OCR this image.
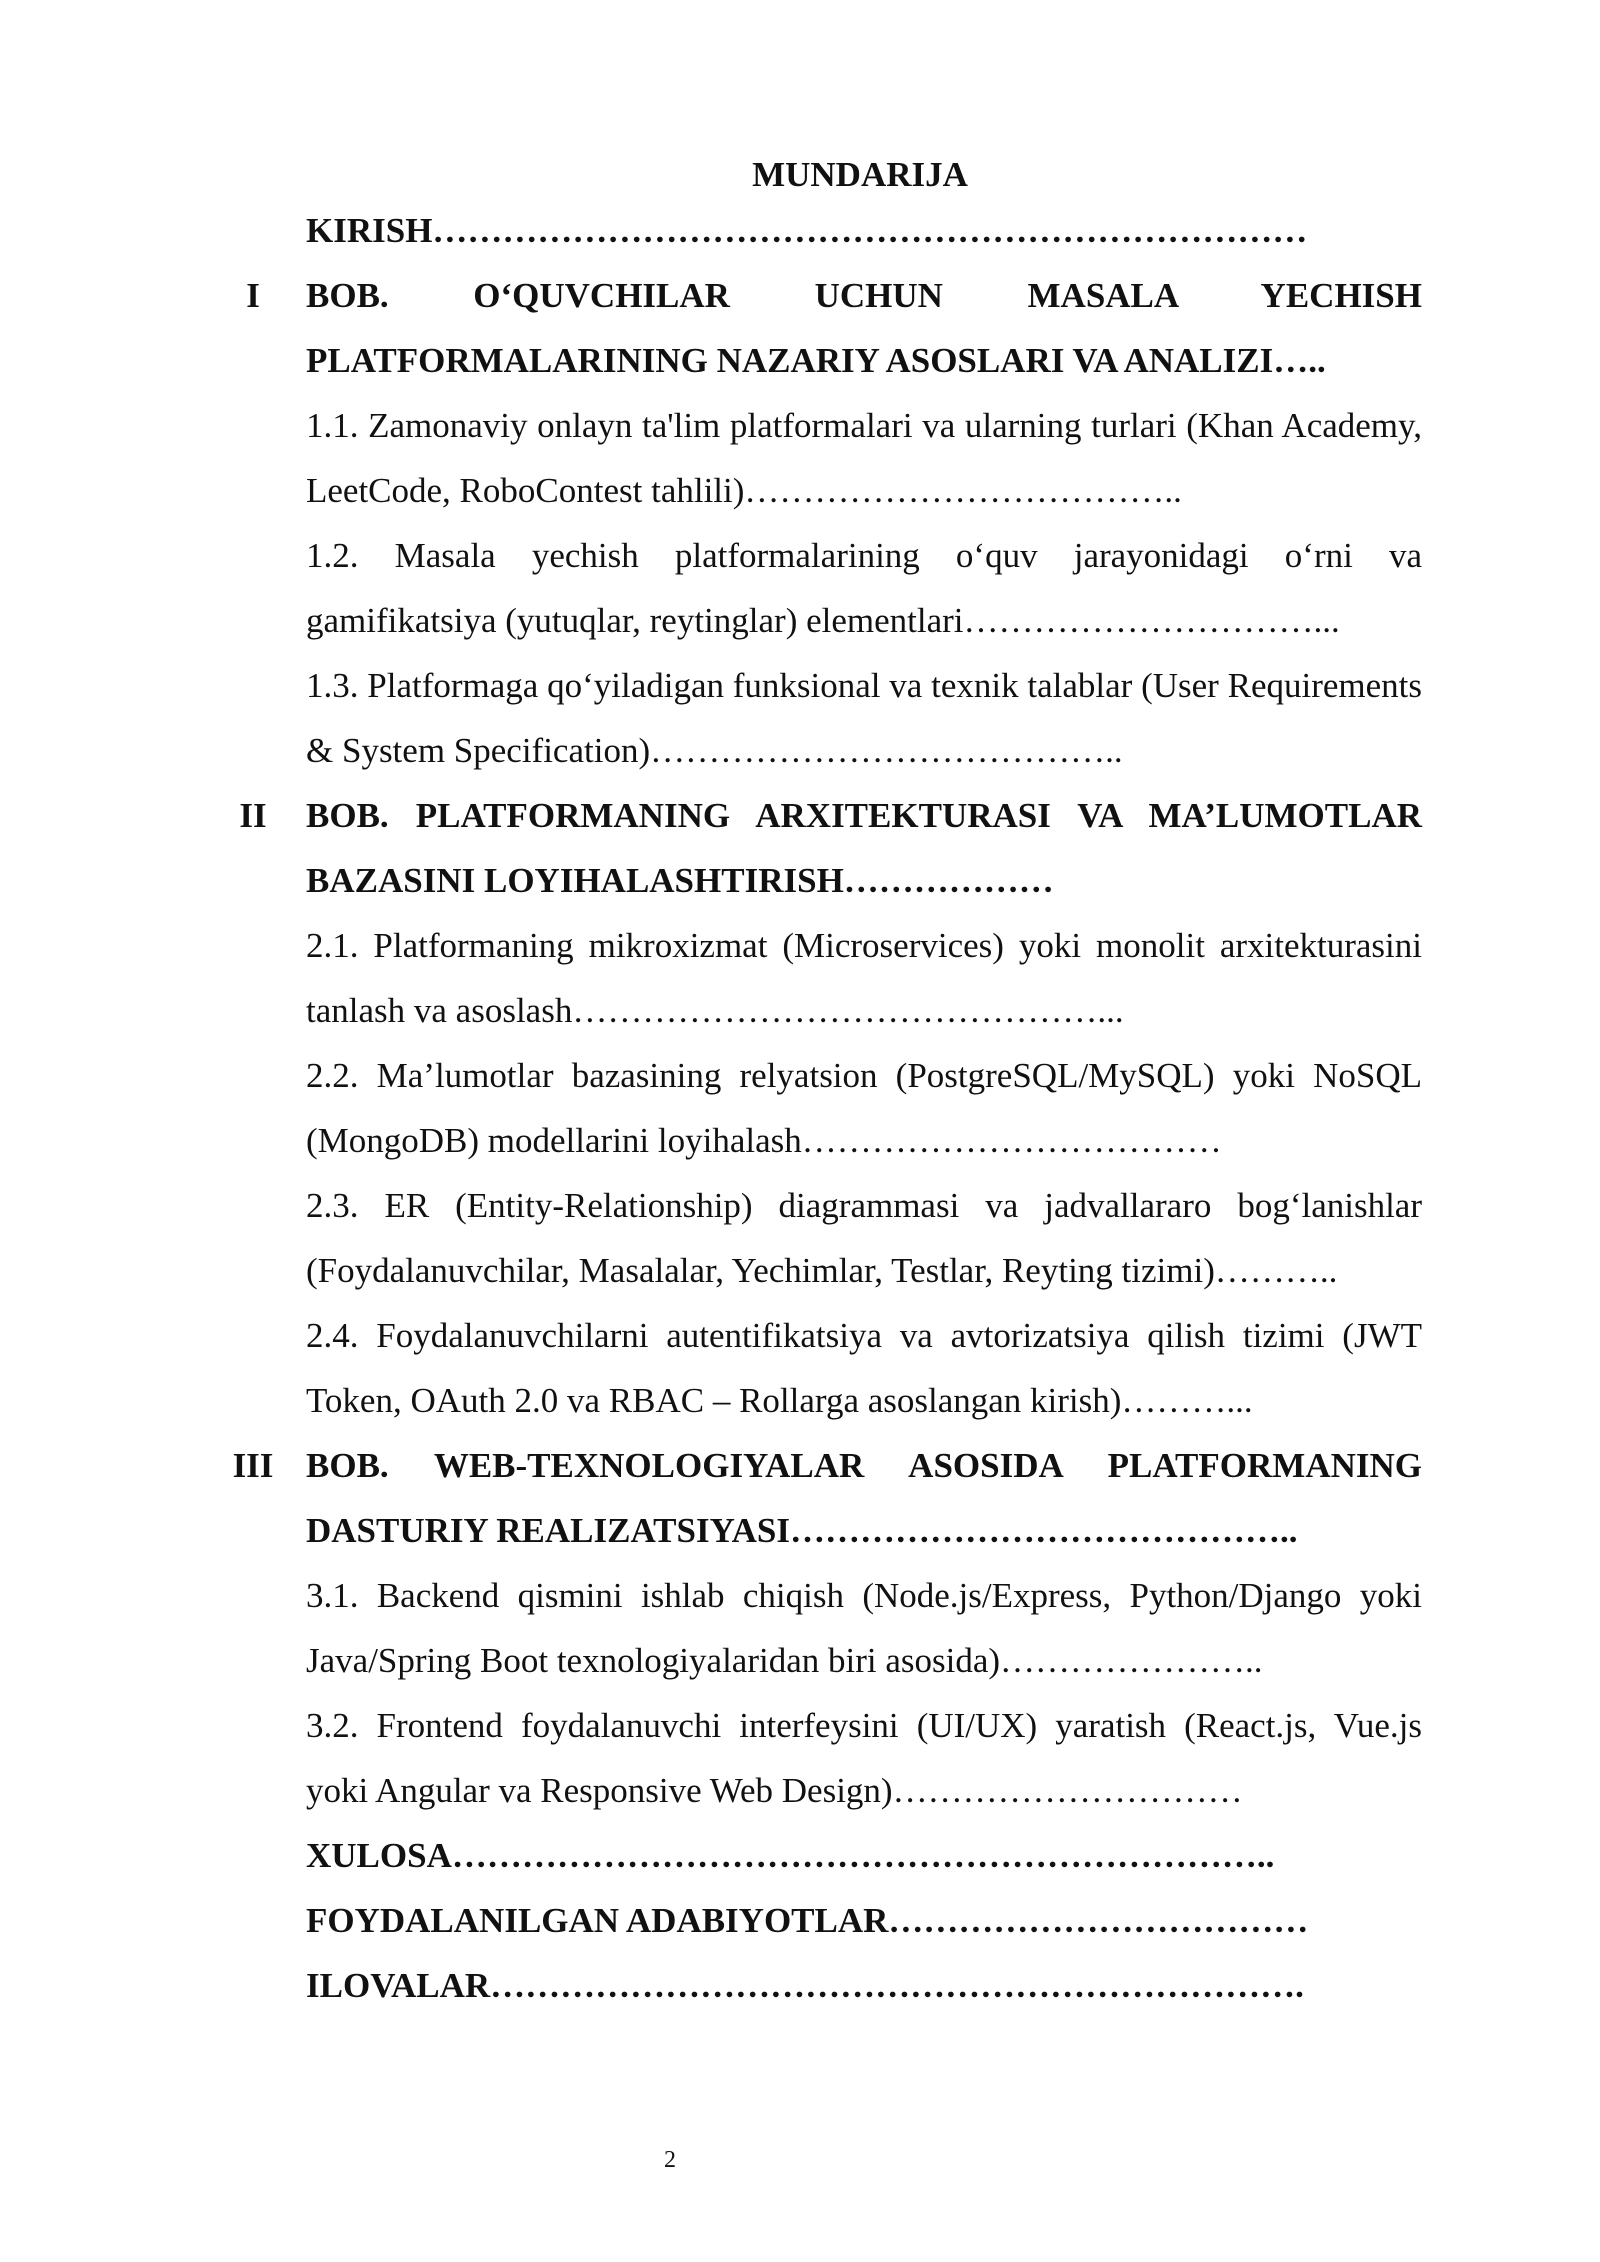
MUNDARIJA

KIRISH…………………………………………………………………

I	BOB. O‘QUVCHILAR UCHUN MASALA YECHISH PLATFORMALARINING NAZARIY ASOSLARI VA ANALIZI…..

1.1. Zamonaviy onlayn ta'lim platformalari va ularning turlari (Khan Academy, LeetCode, RoboContest tahlili)………………………………..

1.2. Masala yechish platformalarining o‘quv jarayonidagi o‘rni va gamifikatsiya (yutuqlar, reytinglar) elementlari…………………………...

1.3. Platformaga qo‘yiladigan funksional va texnik talablar (User Requirements & System Specification)…………………………………..

II	BOB. PLATFORMANING ARXITEKTURASI VA MA’LUMOTLAR BAZASINI LOYIHALASHTIRISH………………

2.1. Platformaning mikroxizmat (Microservices) yoki monolit arxitekturasini tanlash va asoslash………………………………………...

2.2. Ma’lumotlar bazasining relyatsion (PostgreSQL/MySQL) yoki NoSQL (MongoDB) modellarini loyihalash………………………………

2.3. ER (Entity-Relationship) diagrammasi va jadvallararo bog‘lanishlar (Foydalanuvchilar, Masalalar, Yechimlar, Testlar, Reyting tizimi)………..

2.4. Foydalanuvchilarni autentifikatsiya va avtorizatsiya qilish tizimi (JWT Token, OAuth 2.0 va RBAC – Rollarga asoslangan kirish)………...

III BOB. WEB-TEXNOLOGIYALAR ASOSIDA PLATFORMANING DASTURIY REALIZATSIYASI……………………………………..

3.1. Backend qismini ishlab chiqish (Node.js/Express, Python/Django yoki Java/Spring Boot texnologiyalaridan biri asosida)…………………..

3.2. Frontend foydalanuvchi interfeysini (UI/UX) yaratish (React.js, Vue.js yoki Angular va Responsive Web Design)…………………………

XULOSA……………………………………………………………..

FOYDALANILGAN ADABIYOTLAR………………………………

ILOVALAR…………………………………………………………….

2
